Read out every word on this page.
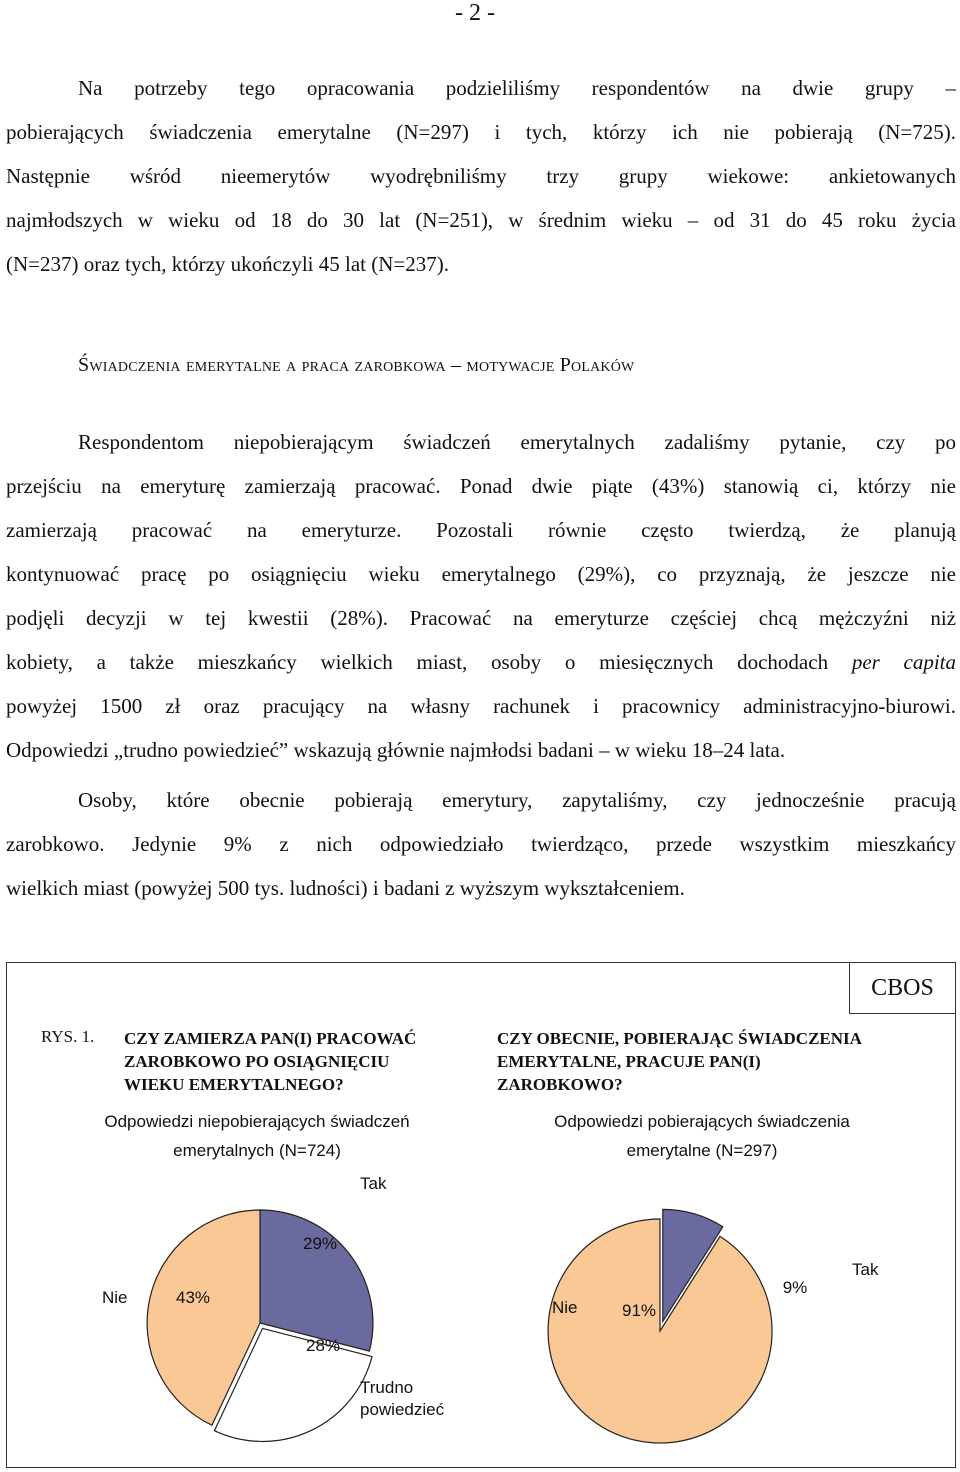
- 2 -
Na potrzeby tego opracowania podzieliliśmy respondentów na dwie grupy –
pobierających świadczenia emerytalne (N=297) i tych, którzy ich nie pobierają (N=725).
Następnie wśród nieemerytów wyodrębniliśmy trzy grupy wiekowe: ankietowanych
najmłodszych w wieku od 18 do 30 lat (N=251), w średnim wieku – od 31 do 45 roku życia
(N=237) oraz tych, którzy ukończyli 45 lat (N=237).
Świadczenia emerytalne a praca zarobkowa – motywacje Polaków
Respondentom niepobierającym świadczeń emerytalnych zadaliśmy pytanie, czy po
przejściu na emeryturę zamierzają pracować. Ponad dwie piąte (43%) stanowią ci, którzy nie
zamierzają pracować na emeryturze. Pozostali równie często twierdzą, że planują
kontynuować pracę po osiągnięciu wieku emerytalnego (29%), co przyznają, że jeszcze nie
podjęli decyzji w tej kwestii (28%). Pracować na emeryturze częściej chcą mężczyźni niż
kobiety, a także mieszkańcy wielkich miast, osoby o miesięcznych dochodach per capita
powyżej 1500 zł oraz pracujący na własny rachunek i pracownicy administracyjno-biurowi.
Odpowiedzi „trudno powiedzieć” wskazują głównie najmłodsi badani – w wieku 18–24 lata.
Osoby, które obecnie pobierają emerytury, zapytaliśmy, czy jednocześnie pracują
zarobkowo. Jedynie 9% z nich odpowiedziało twierdząco, przede wszystkim mieszkańcy
wielkich miast (powyżej 500 tys. ludności) i badani z wyższym wykształceniem.
CBOS
RYS. 1. CZY ZAMIERZA PAN(I) PRACOWAĆ
ZAROBKOWO PO OSIĄGNIĘCIU
WIEKU EMERYTALNEGO?
CZY OBECNIE, POBIERAJĄC ŚWIADCZENIA
EMERYTALNE, PRACUJE PAN(I)
ZAROBKOWO?
Odpowiedzi niepobierających świadczeń
emerytalnych (N=724)
Odpowiedzi pobierających świadczenia
emerytalne (N=297)
29%
Tak
28%
Trudno powiedzieć
43%
Nie
9%
Tak
91%
Nie
